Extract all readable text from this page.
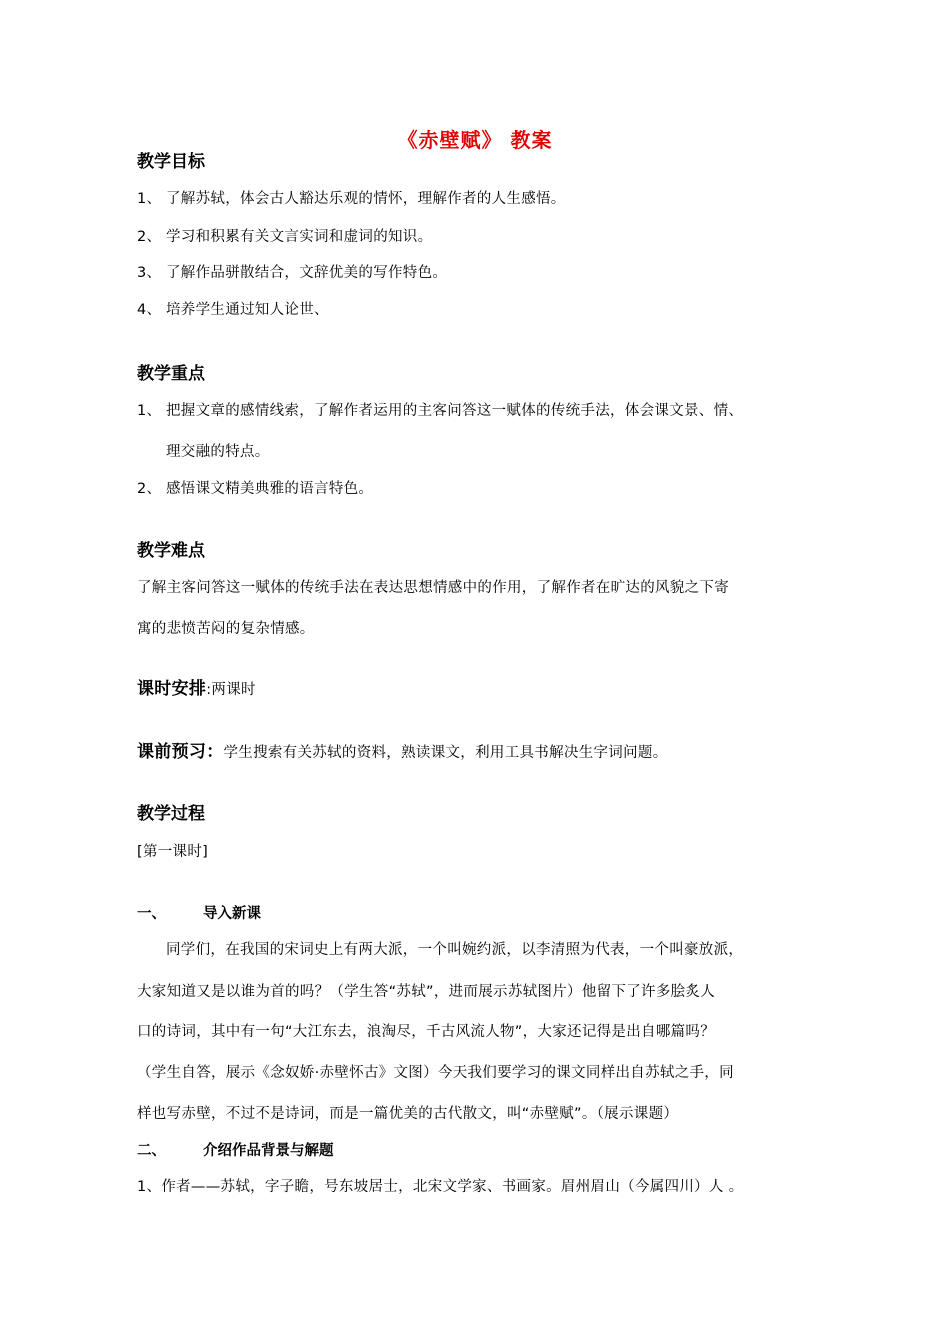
《赤壁赋》 教案
教学目标
1、 了解苏轼，体会古人豁达乐观的情怀，理解作者的人生感悟。
2、 学习和积累有关文言实词和虚词的知识。
3、 了解作品骈散结合，文辞优美的写作特色。
4、 培养学生通过知人论世、
教学重点
1、 把握文章的感情线索，了解作者运用的主客问答这一赋体的传统手法，体会课文景、情、
理交融的特点。
2、 感悟课文精美典雅的语言特色。
教学难点
了解主客问答这一赋体的传统手法在表达思想情感中的作用，了解作者在旷达的风貌之下寄
寓的悲愤苦闷的复杂情感。
课时安排:两课时
课前预习：学生搜索有关苏轼的资料，熟读课文，利用工具书解决生字词问题。
教学过程
[第一课时]
一、	导入新课
同学们，在我国的宋词史上有两大派，一个叫婉约派，以李清照为代表，一个叫豪放派，
大家知道又是以谁为首的吗？（学生答“苏轼”，进而展示苏轼图片）他留下了许多脍炙人
口的诗词，其中有一句“大江东去，浪淘尽，千古风流人物”，大家还记得是出自哪篇吗？
（学生自答，展示《念奴娇·赤壁怀古》文图）今天我们要学习的课文同样出自苏轼之手，同
样也写赤壁，不过不是诗词，而是一篇优美的古代散文，叫“赤壁赋”。（展示课题）
二、	介绍作品背景与解题
1、作者——苏轼，字子瞻，号东坡居士，北宋文学家、书画家。眉州眉山（今属四川）人 。
